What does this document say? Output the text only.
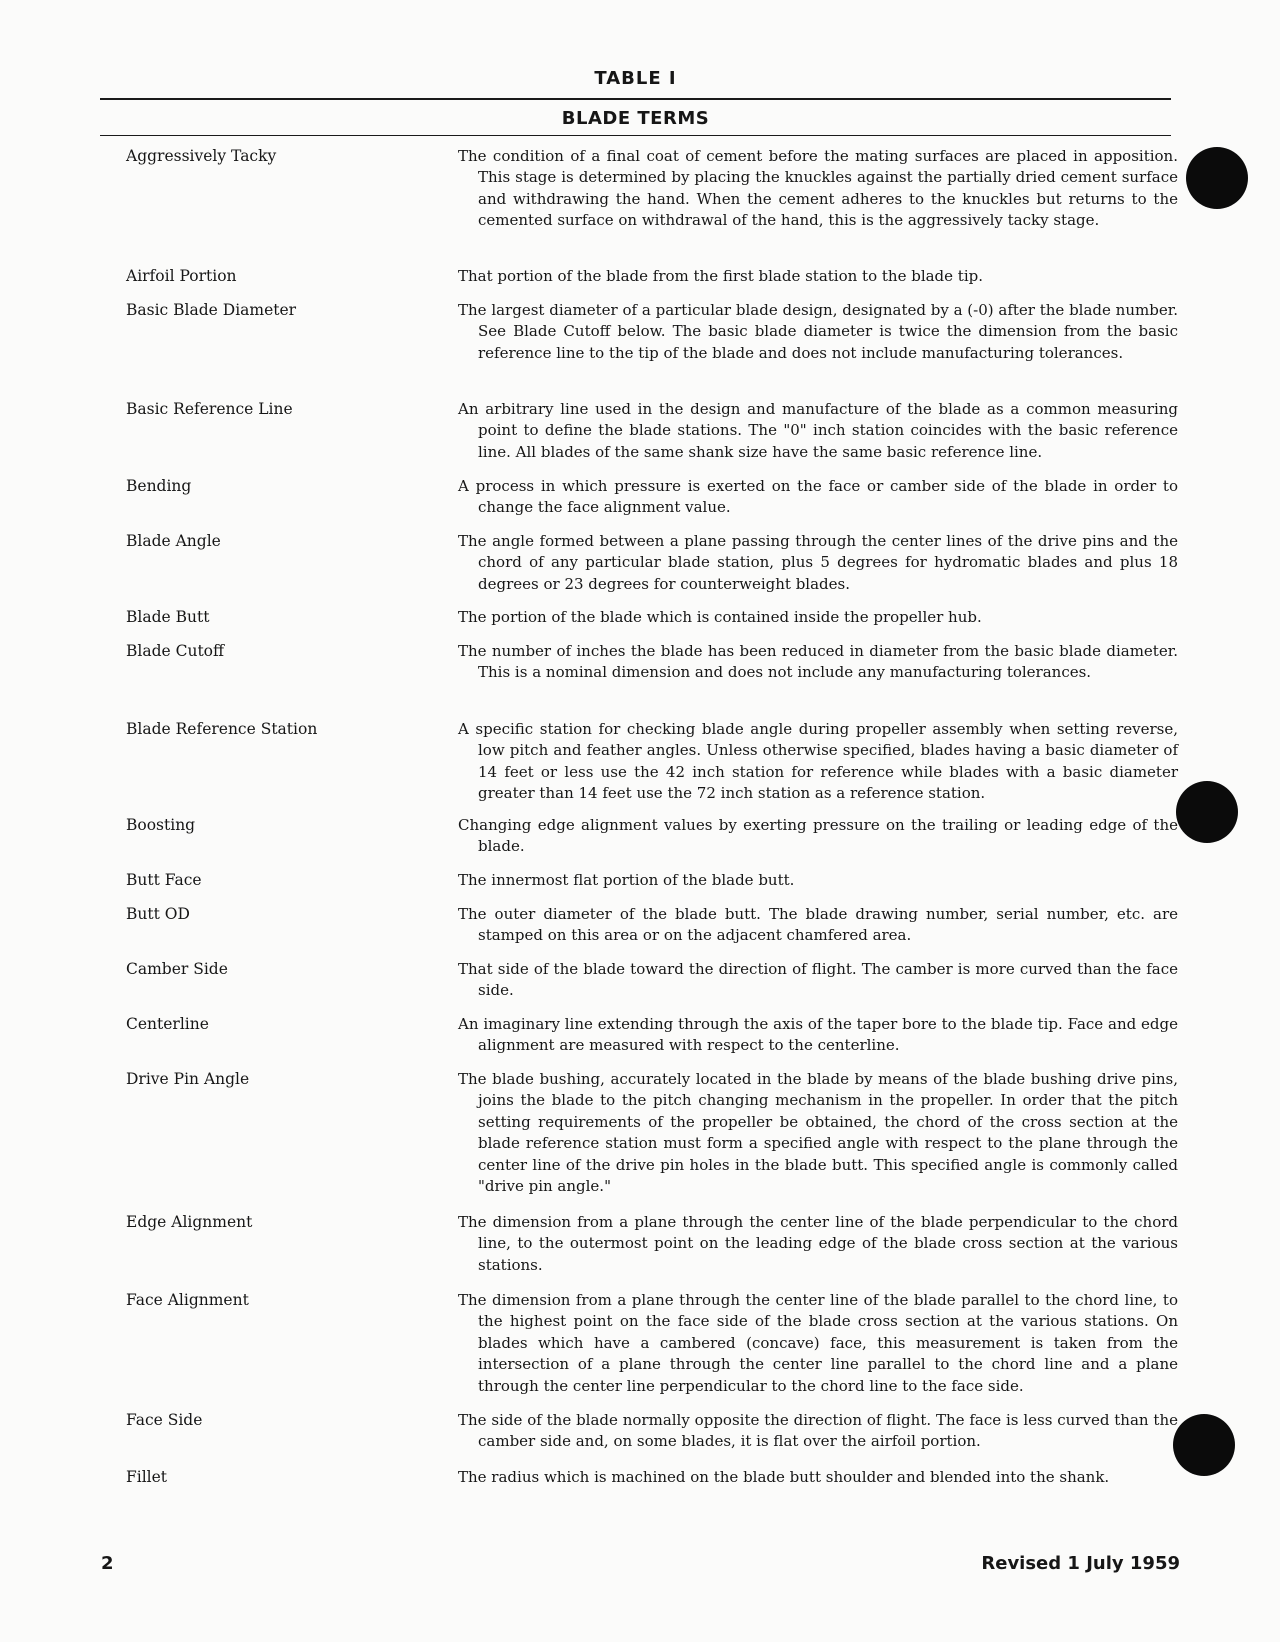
TABLE I
BLADE TERMS
Aggressively Tacky	The condition of a final coat of cement before the mating surfaces are placed in apposition. This stage is determined by placing the knuckles against the partially dried cement surface and withdrawing the hand. When the cement adheres to the knuckles but returns to the cemented surface on withdrawal of the hand, this is the aggressively tacky stage.
Airfoil Portion	That portion of the blade from the first blade station to the blade tip.
Basic Blade Diameter	The largest diameter of a particular blade design, designated by a (-0) after the blade number. See Blade Cutoff below. The basic blade diameter is twice the dimension from the basic reference line to the tip of the blade and does not include manufacturing tolerances.
Basic Reference Line	An arbitrary line used in the design and manufacture of the blade as a common measuring point to define the blade stations. The "0" inch station coincides with the basic reference line. All blades of the same shank size have the same basic reference line.
Bending	A process in which pressure is exerted on the face or camber side of the blade in order to change the face alignment value.
Blade Angle	The angle formed between a plane passing through the center lines of the drive pins and the chord of any particular blade station, plus 5 degrees for hydromatic blades and plus 18 degrees or 23 degrees for counterweight blades.
Blade Butt	The portion of the blade which is contained inside the propeller hub.
Blade Cutoff	The number of inches the blade has been reduced in diameter from the basic blade diameter. This is a nominal dimension and does not include any manufacturing tolerances.
Blade Reference Station	A specific station for checking blade angle during propeller assembly when setting reverse, low pitch and feather angles. Unless otherwise specified, blades having a basic diameter of 14 feet or less use the 42 inch station for reference while blades with a basic diameter greater than 14 feet use the 72 inch station as a reference station.
Boosting	Changing edge alignment values by exerting pressure on the trailing or leading edge of the blade.
Butt Face	The innermost flat portion of the blade butt.
Butt OD	The outer diameter of the blade butt. The blade drawing number, serial number, etc. are stamped on this area or on the adjacent chamfered area.
Camber Side	That side of the blade toward the direction of flight. The camber is more curved than the face side.
Centerline	An imaginary line extending through the axis of the taper bore to the blade tip. Face and edge alignment are measured with respect to the centerline.
Drive Pin Angle	The blade bushing, accurately located in the blade by means of the blade bushing drive pins, joins the blade to the pitch changing mechanism in the propeller. In order that the pitch setting requirements of the propeller be obtained, the chord of the cross section at the blade reference station must form a specified angle with respect to the plane through the center line of the drive pin holes in the blade butt. This specified angle is commonly called "drive pin angle."
Edge Alignment	The dimension from a plane through the center line of the blade perpendicular to the chord line, to the outermost point on the leading edge of the blade cross section at the various stations.
Face Alignment	The dimension from a plane through the center line of the blade parallel to the chord line, to the highest point on the face side of the blade cross section at the various stations. On blades which have a cambered (concave) face, this measurement is taken from the intersection of a plane through the center line parallel to the chord line and a plane through the center line perpendicular to the chord line to the face side.
Face Side	The side of the blade normally opposite the direction of flight. The face is less curved than the camber side and, on some blades, it is flat over the airfoil portion.
Fillet	The radius which is machined on the blade butt shoulder and blended into the shank.
2	Revised 1 July 1959
